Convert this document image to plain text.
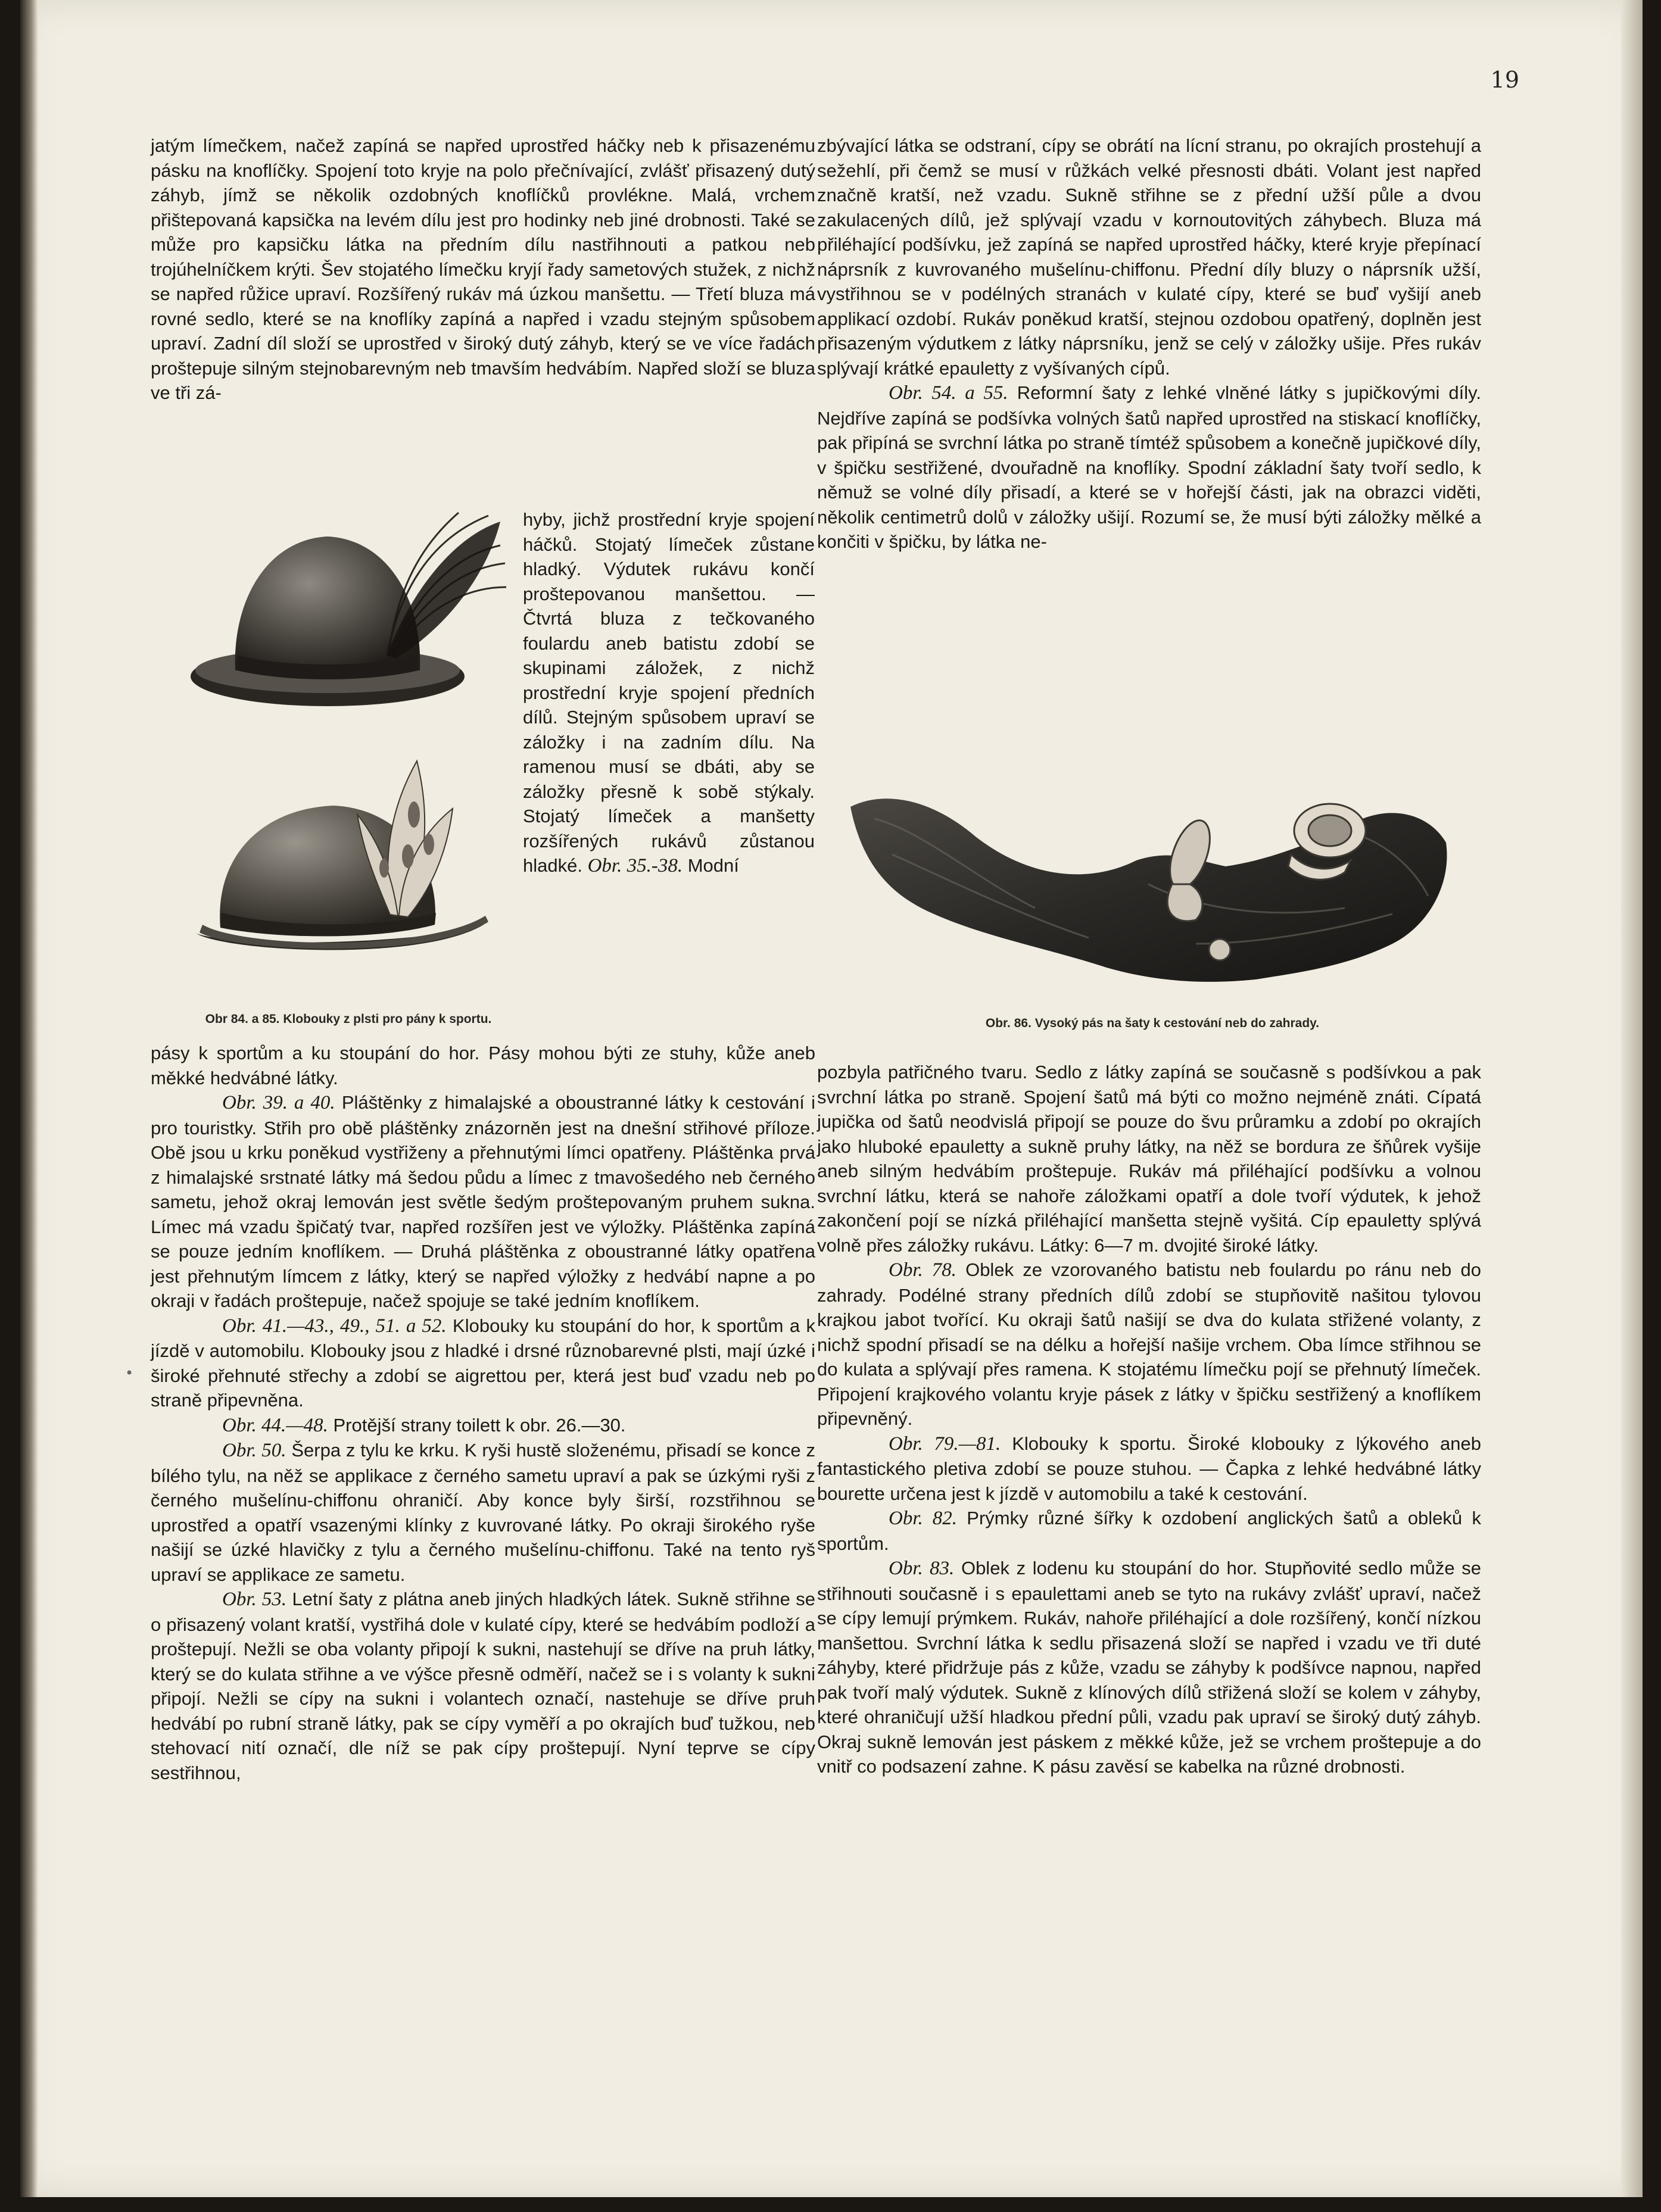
19

jatým límečkem, načež zapíná se napřed uprostřed háčky neb k přisazenému pásku na knoflíčky. Spojení toto kryje na polo přečnívající, zvlášť přisazený dutý záhyb, jímž se několik ozdobných knoflíčků provlékne. Malá, vrchem přištepovaná kapsička na levém dílu jest pro hodinky neb jiné drobnosti. Také se může pro kapsičku látka na předním dílu nastřihnouti a patkou neb trojúhelníčkem krýti. Šev stojatého límečku kryjí řady sametových stužek, z nichž se napřed růžice upraví. Rozšířený rukáv má úzkou manšettu. — Třetí bluza má rovné sedlo, které se na knoflíky zapíná a napřed i vzadu stejným spůsobem upraví. Zadní díl složí se uprostřed v široký dutý záhyb, který se ve více řadách proštepuje silným stejnobarevným neb tmavším hedvábím. Napřed složí se bluza ve tři zá-

Obr 84. a 85. Klobouky z plsti pro pány k sportu.

hyby, jichž prostřední kryje spojení háčků. Stojatý límeček zůstane hladký. Výdutek rukávu končí proštepovanou manšettou. — Čtvrtá bluza z tečkovaného foulardu aneb batistu zdobí se skupinami záložek, z nichž prostřední kryje spojení předních dílů. Stejným spůsobem upraví se záložky i na zadním dílu. Na ramenou musí se dbáti, aby se záložky přesně k sobě stýkaly. Stojatý límeček a manšetty rozšířených rukávů zůstanou hladké. Obr. 35.-38. Modní

pásy k sportům a ku stoupání do hor. Pásy mohou býti ze stuhy, kůže aneb měkké hedvábné látky.

Obr. 39. a 40. Pláštěnky z himalajské a oboustranné látky k cestování i pro touristky. Střih pro obě pláštěnky znázorněn jest na dnešní střihové příloze. Obě jsou u krku poněkud vystřiženy a přehnutými límci opatřeny. Pláštěnka prvá z himalajské srstnaté látky má šedou půdu a límec z tmavošedého neb černého sametu, jehož okraj lemován jest světle šedým proštepovaným pruhem sukna. Límec má vzadu špičatý tvar, napřed rozšířen jest ve výložky. Pláštěnka zapíná se pouze jedním knoflíkem. — Druhá pláštěnka z oboustranné látky opatřena jest přehnutým límcem z látky, který se napřed výložky z hedvábí napne a po okraji v řadách proštepuje, načež spojuje se také jedním knoflíkem.

Obr. 41.—43., 49., 51. a 52. Klobouky ku stoupání do hor, k sportům a k jízdě v automobilu. Klobouky jsou z hladké i drsné různobarevné plsti, mají úzké i široké přehnuté střechy a zdobí se aigrettou per, která jest buď vzadu neb po straně připevněna.

Obr. 44.—48. Protější strany toilett k obr. 26.—30.

Obr. 50. Šerpa z tylu ke krku. K ryši hustě složenému, přisadí se konce z bílého tylu, na něž se applikace z černého sametu upraví a pak se úzkými ryši z černého mušelínu-chiffonu ohraničí. Aby konce byly širší, rozstřihnou se uprostřed a opatří vsazenými klínky z kuvrované látky. Po okraji širokého ryše našijí se úzké hlavičky z tylu a černého mušelínu-chiffonu. Také na tento ryš upraví se applikace ze sametu.

Obr. 53. Letní šaty z plátna aneb jiných hladkých látek. Sukně střihne se o přisazený volant kratší, vystřihá dole v kulaté cípy, které se hedvábím podloží a proštepují. Nežli se oba volanty připojí k sukni, nastehují se dříve na pruh látky, který se do kulata střihne a ve výšce přesně odměří, načež se i s volanty k sukni připojí. Nežli se cípy na sukni i volantech označí, nastehuje se dříve pruh hedvábí po rubní straně látky, pak se cípy vyměří a po okrajích buď tužkou, neb stehovací nití označí, dle níž se pak cípy proštepují. Nyní teprve se cípy sestřihnou,

•

zbývající látka se odstraní, cípy se obrátí na lícní stranu, po okrajích prostehují a sežehlí, při čemž se musí v růžkách velké přesnosti dbáti. Volant jest napřed značně kratší, než vzadu. Sukně střihne se z přední užší půle a dvou zakulacených dílů, jež splývají vzadu v kornoutovitých záhybech. Bluza má přiléhající podšívku, jež zapíná se napřed uprostřed háčky, které kryje přepínací náprsník z kuvrovaného mušelínu-chiffonu. Přední díly bluzy o náprsník užší, vystřihnou se v podélných stranách v kulaté cípy, které se buď vyšijí aneb applikací ozdobí. Rukáv poněkud kratší, stejnou ozdobou opatřený, doplněn jest přisazeným výdutkem z látky náprsníku, jenž se celý v záložky ušije. Přes rukáv splývají krátké epauletty z vyšívaných cípů.

Obr. 54. a 55. Reformní šaty z lehké vlněné látky s jupičkovými díly. Nejdříve zapíná se podšívka volných šatů napřed uprostřed na stiskací knoflíčky, pak připíná se svrchní látka po straně tímtéž spůsobem a konečně jupičkové díly, v špičku sestřižené, dvouřadně na knoflíky. Spodní základní šaty tvoří sedlo, k němuž se volné díly přisadí, a které se v hořejší části, jak na obrazci viděti, několik centimetrů dolů v záložky ušijí. Rozumí se, že musí býti záložky mělké a končiti v špičku, by látka ne-

Obr. 86. Vysoký pás na šaty k cestování neb do zahrady.

pozbyla patřičného tvaru. Sedlo z látky zapíná se současně s podšívkou a pak svrchní látka po straně. Spojení šatů má býti co možno nejméně znáti. Cípatá jupička od šatů neodvislá připojí se pouze do švu průramku a zdobí po okrajích jako hluboké epauletty a sukně pruhy látky, na něž se bordura ze šňůrek vyšije aneb silným hedvábím proštepuje. Rukáv má přiléhající podšívku a volnou svrchní látku, která se nahoře záložkami opatří a dole tvoří výdutek, k jehož zakončení pojí se nízká přiléhající manšetta stejně vyšitá. Cíp epauletty splývá volně přes záložky rukávu. Látky: 6—7 m. dvojité široké látky.

Obr. 78. Oblek ze vzorovaného batistu neb foulardu po ránu neb do zahrady. Podélné strany předních dílů zdobí se stupňovitě našitou tylovou krajkou jabot tvořící. Ku okraji šatů našijí se dva do kulata střižené volanty, z nichž spodní přisadí se na délku a hořejší našije vrchem. Oba límce střihnou se do kulata a splývají přes ramena. K stojatému límečku pojí se přehnutý límeček. Připojení krajkového volantu kryje pásek z látky v špičku sestřižený a knoflíkem připevněný.

Obr. 79.—81. Klobouky k sportu. Široké klobouky z lýkového aneb fantastického pletiva zdobí se pouze stuhou. — Čapka z lehké hedvábné látky bourette určena jest k jízdě v automobilu a také k cestování.

Obr. 82. Prýmky různé šířky k ozdobení anglických šatů a obleků k sportům.

Obr. 83. Oblek z lodenu ku stoupání do hor. Stupňovité sedlo může se střihnouti současně i s epaulettami aneb se tyto na rukávy zvlášť upraví, načež se cípy lemují prýmkem. Rukáv, nahoře přiléhající a dole rozšířený, končí nízkou manšettou. Svrchní látka k sedlu přisazená složí se napřed i vzadu ve tři duté záhyby, které přidržuje pás z kůže, vzadu se záhyby k podšívce napnou, napřed pak tvoří malý výdutek. Sukně z klínových dílů střižená složí se kolem v záhyby, které ohraničují užší hladkou přední půli, vzadu pak upraví se široký dutý záhyb. Okraj sukně lemován jest páskem z měkké kůže, jež se vrchem proštepuje a do vnitř co podsazení zahne. K pásu zavěsí se kabelka na různé drobnosti.
